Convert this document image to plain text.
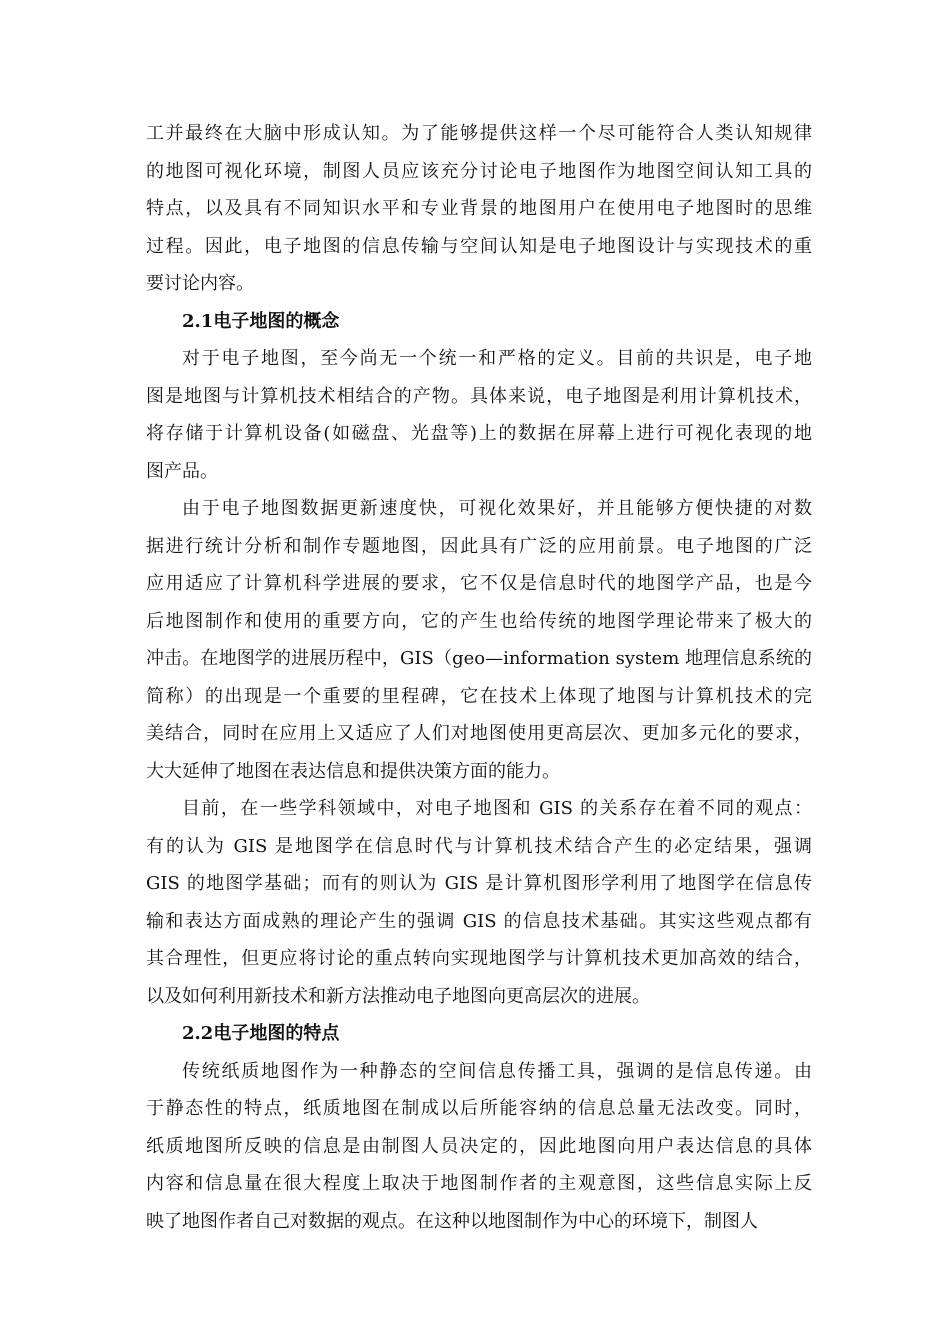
工并最终在大脑中形成认知。为了能够提供这样一个尽可能符合人类认知规律
的地图可视化环境，制图人员应该充分讨论电子地图作为地图空间认知工具的
特点，以及具有不同知识水平和专业背景的地图用户在使用电子地图时的思维
过程。因此，电子地图的信息传输与空间认知是电子地图设计与实现技术的重
要讨论内容。
2.1电子地图的概念
对于电子地图，至今尚无一个统一和严格的定义。目前的共识是，电子地
图是地图与计算机技术相结合的产物。具体来说，电子地图是利用计算机技术，
将存储于计算机设备(如磁盘、光盘等)上的数据在屏幕上进行可视化表现的地
图产品。
由于电子地图数据更新速度快，可视化效果好，并且能够方便快捷的对数
据进行统计分析和制作专题地图，因此具有广泛的应用前景。电子地图的广泛
应用适应了计算机科学进展的要求，它不仅是信息时代的地图学产品，也是今
后地图制作和使用的重要方向，它的产生也给传统的地图学理论带来了极大的
冲击。在地图学的进展历程中，GIS（geo—information system 地理信息系统的
简称）的出现是一个重要的里程碑，它在技术上体现了地图与计算机技术的完
美结合，同时在应用上又适应了人们对地图使用更高层次、更加多元化的要求，
大大延伸了地图在表达信息和提供决策方面的能力。
目前，在一些学科领域中，对电子地图和 GIS 的关系存在着不同的观点：
有的认为 GIS 是地图学在信息时代与计算机技术结合产生的必定结果，强调
GIS 的地图学基础；而有的则认为 GIS 是计算机图形学利用了地图学在信息传
输和表达方面成熟的理论产生的强调 GIS 的信息技术基础。其实这些观点都有
其合理性，但更应将讨论的重点转向实现地图学与计算机技术更加高效的结合，
以及如何利用新技术和新方法推动电子地图向更高层次的进展。
2.2电子地图的特点
传统纸质地图作为一种静态的空间信息传播工具，强调的是信息传递。由
于静态性的特点，纸质地图在制成以后所能容纳的信息总量无法改变。同时，
纸质地图所反映的信息是由制图人员决定的，因此地图向用户表达信息的具体
内容和信息量在很大程度上取决于地图制作者的主观意图，这些信息实际上反
映了地图作者自己对数据的观点。在这种以地图制作为中心的环境下，制图人
